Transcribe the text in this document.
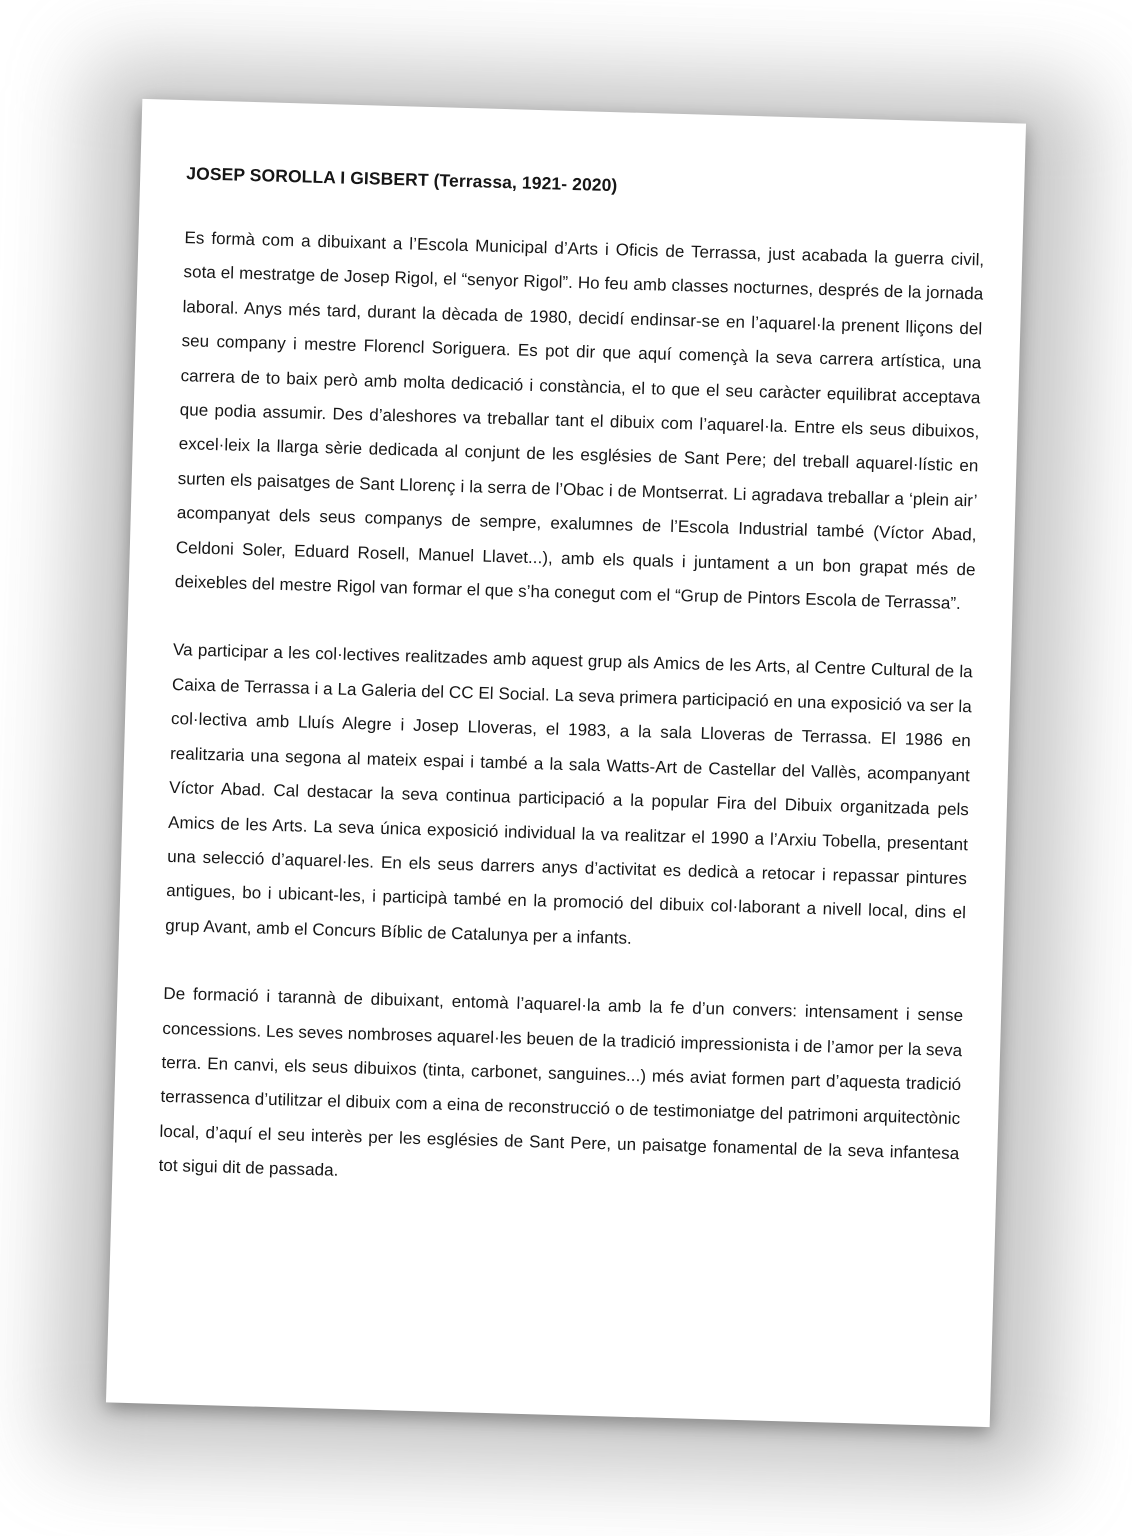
JOSEP SOROLLA I GISBERT (Terrassa, 1921- 2020)

Es formà com a dibuixant a l’Escola Municipal d’Arts i Oficis de Terrassa, just acabada la guerra civil, sota el mestratge de Josep Rigol, el “senyor Rigol”. Ho feu amb classes nocturnes, després de la jornada laboral. Anys més tard, durant la dècada de 1980, decidí endinsar-se en l’aquarel·la prenent lliçons del seu company i mestre Florencl Soriguera. Es pot dir que aquí començà la seva carrera artística, una carrera de to baix però amb molta dedicació i constància, el to que el seu caràcter equilibrat acceptava que podia assumir. Des d’aleshores va treballar tant el dibuix com l’aquarel·la. Entre els seus dibuixos, excel·leix la llarga sèrie dedicada al conjunt de les esglésies de Sant Pere; del treball aquarel·lístic en surten els paisatges de Sant Llorenç i la serra de l’Obac i de Montserrat. Li agradava treballar a ‘plein air’ acompanyat dels seus companys de sempre, exalumnes de l’Escola Industrial també (Víctor Abad, Celdoni Soler, Eduard Rosell, Manuel Llavet...), amb els quals i juntament a un bon grapat més de deixebles del mestre Rigol van formar el que s’ha conegut com el “Grup de Pintors Escola de Terrassa”.

Va participar a les col·lectives realitzades amb aquest grup als Amics de les Arts, al Centre Cultural de la Caixa de Terrassa i a La Galeria del CC El Social. La seva primera participació en una exposició va ser la col·lectiva amb Lluís Alegre i Josep Lloveras, el 1983, a la sala Lloveras de Terrassa. El 1986 en realitzaria una segona al mateix espai i també a la sala Watts-Art de Castellar del Vallès, acompanyant Víctor Abad. Cal destacar la seva continua participació a la popular Fira del Dibuix organitzada pels Amics de les Arts. La seva única exposició individual la va realitzar el 1990 a l’Arxiu Tobella, presentant una selecció d’aquarel·les. En els seus darrers anys d’activitat es dedicà a retocar i repassar pintures antigues, bo i ubicant-les, i participà també en la promoció del dibuix col·laborant a nivell local, dins el grup Avant, amb el Concurs Bíblic de Catalunya per a infants.

De formació i tarannà de dibuixant, entomà l’aquarel·la amb la fe d’un convers: intensament i sense concessions. Les seves nombroses aquarel·les beuen de la tradició impressionista i de l’amor per la seva terra. En canvi, els seus dibuixos (tinta, carbonet, sanguines...) més aviat formen part d’aquesta tradició terrassenca d’utilitzar el dibuix com a eina de reconstrucció o de testimoniatge del patrimoni arquitectònic local, d’aquí el seu interès per les esglésies de Sant Pere, un paisatge fonamental de la seva infantesa tot sigui dit de passada.
